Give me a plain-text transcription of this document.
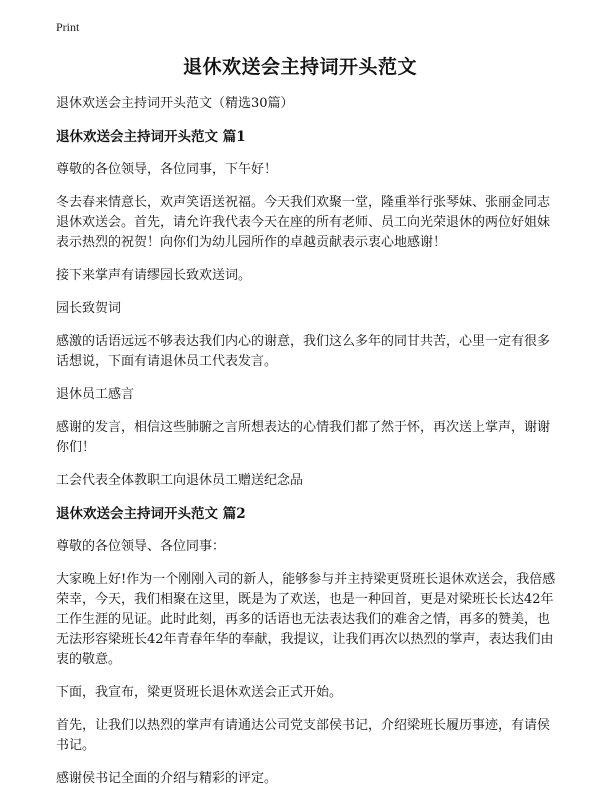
Print
退休欢送会主持词开头范文

退休欢送会主持词开头范文（精选30篇）

退休欢送会主持词开头范文 篇1

尊敬的各位领导，各位同事，下午好！

冬去春来情意长，欢声笑语送祝福。今天我们欢聚一堂，隆重举行张琴妹、张丽金同志退休欢送会。首先，请允许我代表今天在座的所有老师、员工向光荣退休的两位好姐妹表示热烈的祝贺！向你们为幼儿园所作的卓越贡献表示衷心地感谢！

接下来掌声有请缪园长致欢送词。

园长致贺词

感激的话语远远不够表达我们内心的谢意，我们这么多年的同甘共苦，心里一定有很多话想说，下面有请退休员工代表发言。

退休员工感言

感谢的发言，相信这些肺腑之言所想表达的心情我们都了然于怀，再次送上掌声，谢谢你们！

工会代表全体教职工向退休员工赠送纪念品

退休欢送会主持词开头范文 篇2

尊敬的各位领导、各位同事：

大家晚上好!作为一个刚刚入司的新人，能够参与并主持梁更贤班长退休欢送会，我倍感荣幸，今天，我们相聚在这里，既是为了欢送，也是一种回首，更是对梁班长长达42年工作生涯的见证。此时此刻，再多的话语也无法表达我们的难舍之情，再多的赞美，也无法形容梁班长42年青春年华的奉献，我提议，让我们再次以热烈的掌声，表达我们由衷的敬意。

下面，我宣布，梁更贤班长退休欢送会正式开始。

首先，让我们以热烈的掌声有请通达公司党支部侯书记，介绍梁班长履历事迹，有请侯书记。

感谢侯书记全面的介绍与精彩的评定。
